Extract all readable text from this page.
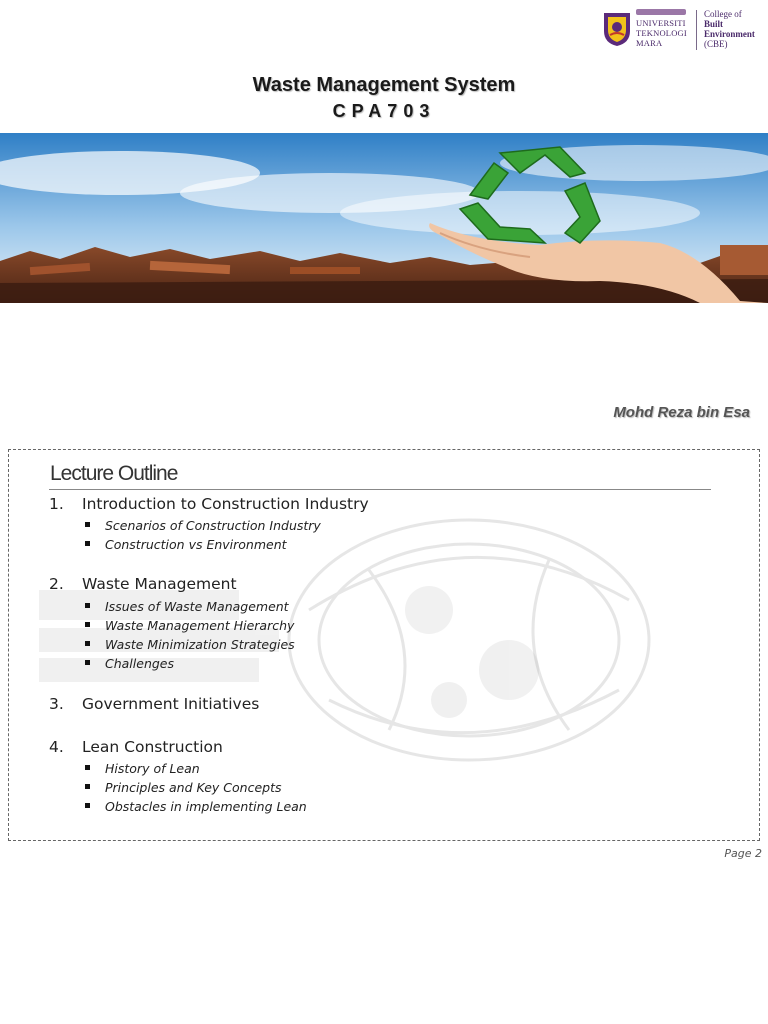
UNIVERSITI
TEKNOLOGI
MARA
College of
Built
Environment
(CBE)
Waste Management System
CPA703
Mohd Reza bin Esa
Lecture Outline
1. Introduction to Construction Industry
Scenarios of Construction Industry
Construction vs Environment
2. Waste Management
Issues of Waste Management
Waste Management Hierarchy
Waste Minimization Strategies
Challenges
3. Government Initiatives
4. Lean Construction
History of Lean
Principles and Key Concepts
Obstacles in implementing Lean
Page 2
